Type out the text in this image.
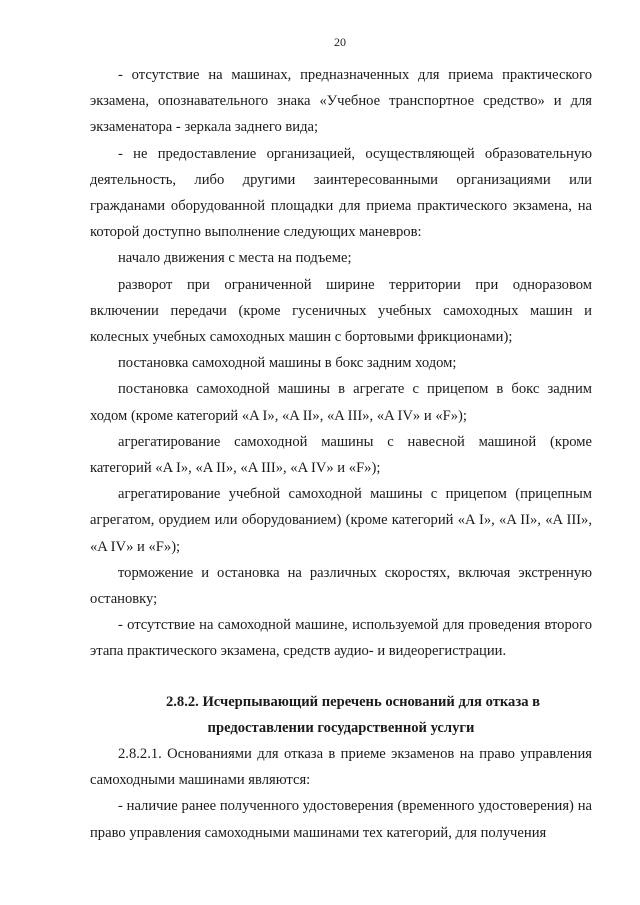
20

- отсутствие на машинах, предназначенных для приема практического экзамена, опознавательного знака «Учебное транспортное средство» и для экзаменатора - зеркала заднего вида;

- не предоставление организацией, осуществляющей образовательную деятельность, либо другими заинтересованными организациями или гражданами оборудованной площадки для приема практического экзамена, на которой доступно выполнение следующих маневров:

начало движения с места на подъеме;

разворот при ограниченной ширине территории при одноразовом включении передачи (кроме гусеничных учебных самоходных машин и колесных учебных самоходных машин с бортовыми фрикционами);

постановка самоходной машины в бокс задним ходом;

постановка самоходной машины в агрегате с прицепом в бокс задним ходом (кроме категорий «A I», «A II», «A III», «A IV» и «F»);

агрегатирование самоходной машины с навесной машиной (кроме категорий «A I», «A II», «A III», «A IV» и «F»);

агрегатирование учебной самоходной машины с прицепом (прицепным агрегатом, орудием или оборудованием) (кроме категорий «A I», «A II», «A III», «A IV» и «F»);

торможение и остановка на различных скоростях, включая экстренную остановку;

- отсутствие на самоходной машине, используемой для проведения второго этапа практического экзамена, средств аудио- и видеорегистрации.

2.8.2. Исчерпывающий перечень оснований для отказа в
предоставлении государственной услуги

2.8.2.1. Основаниями для отказа в приеме экзаменов на право управления самоходными машинами являются:

- наличие ранее полученного удостоверения (временного удостоверения) на право управления самоходными машинами тех категорий, для получения
